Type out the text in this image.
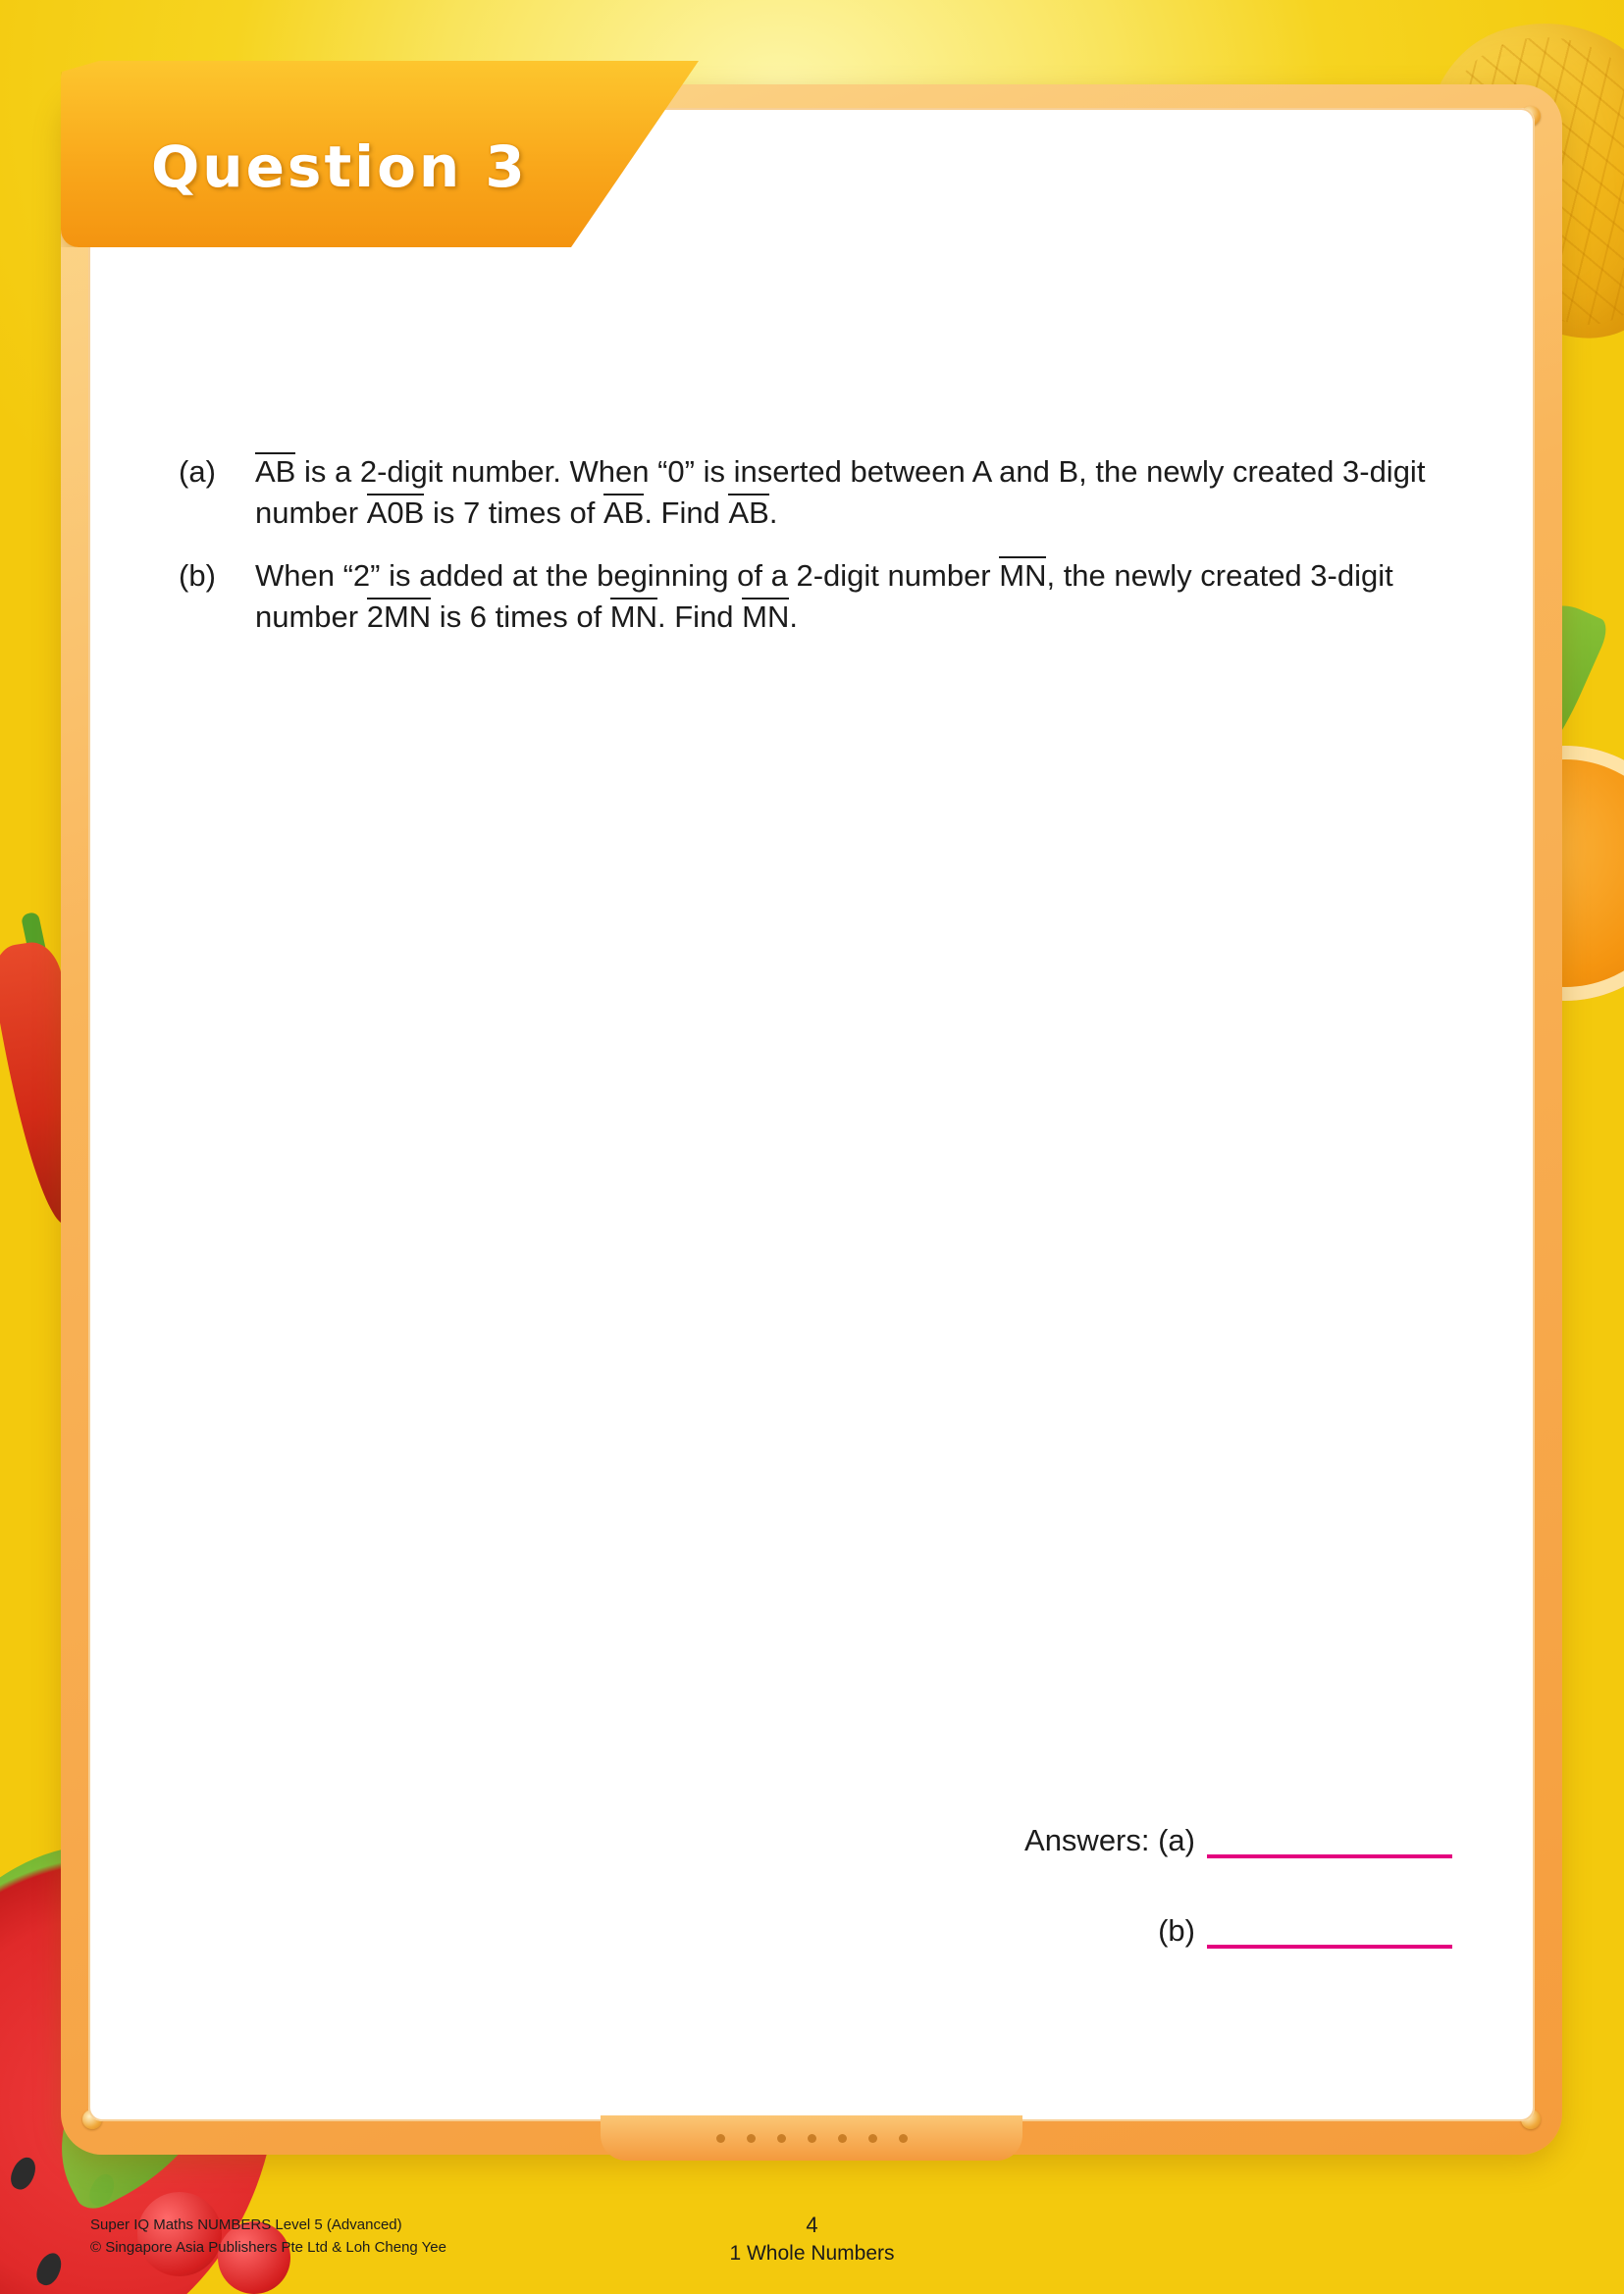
(a)	AB is a 2-digit number. When “0” is inserted between A and B, the newly created 3-digit number A0B is 7 times of AB. Find AB.
(b)	When “2” is added at the beginning of a 2-digit number MN, the newly created 3-digit number 2MN is 6 times of MN. Find MN.
Answers: (a)
(b)
Question 3
Super IQ Maths NUMBERS Level 5 (Advanced)
© Singapore Asia Publishers Pte Ltd & Loh Cheng Yee
4
1 Whole Numbers
